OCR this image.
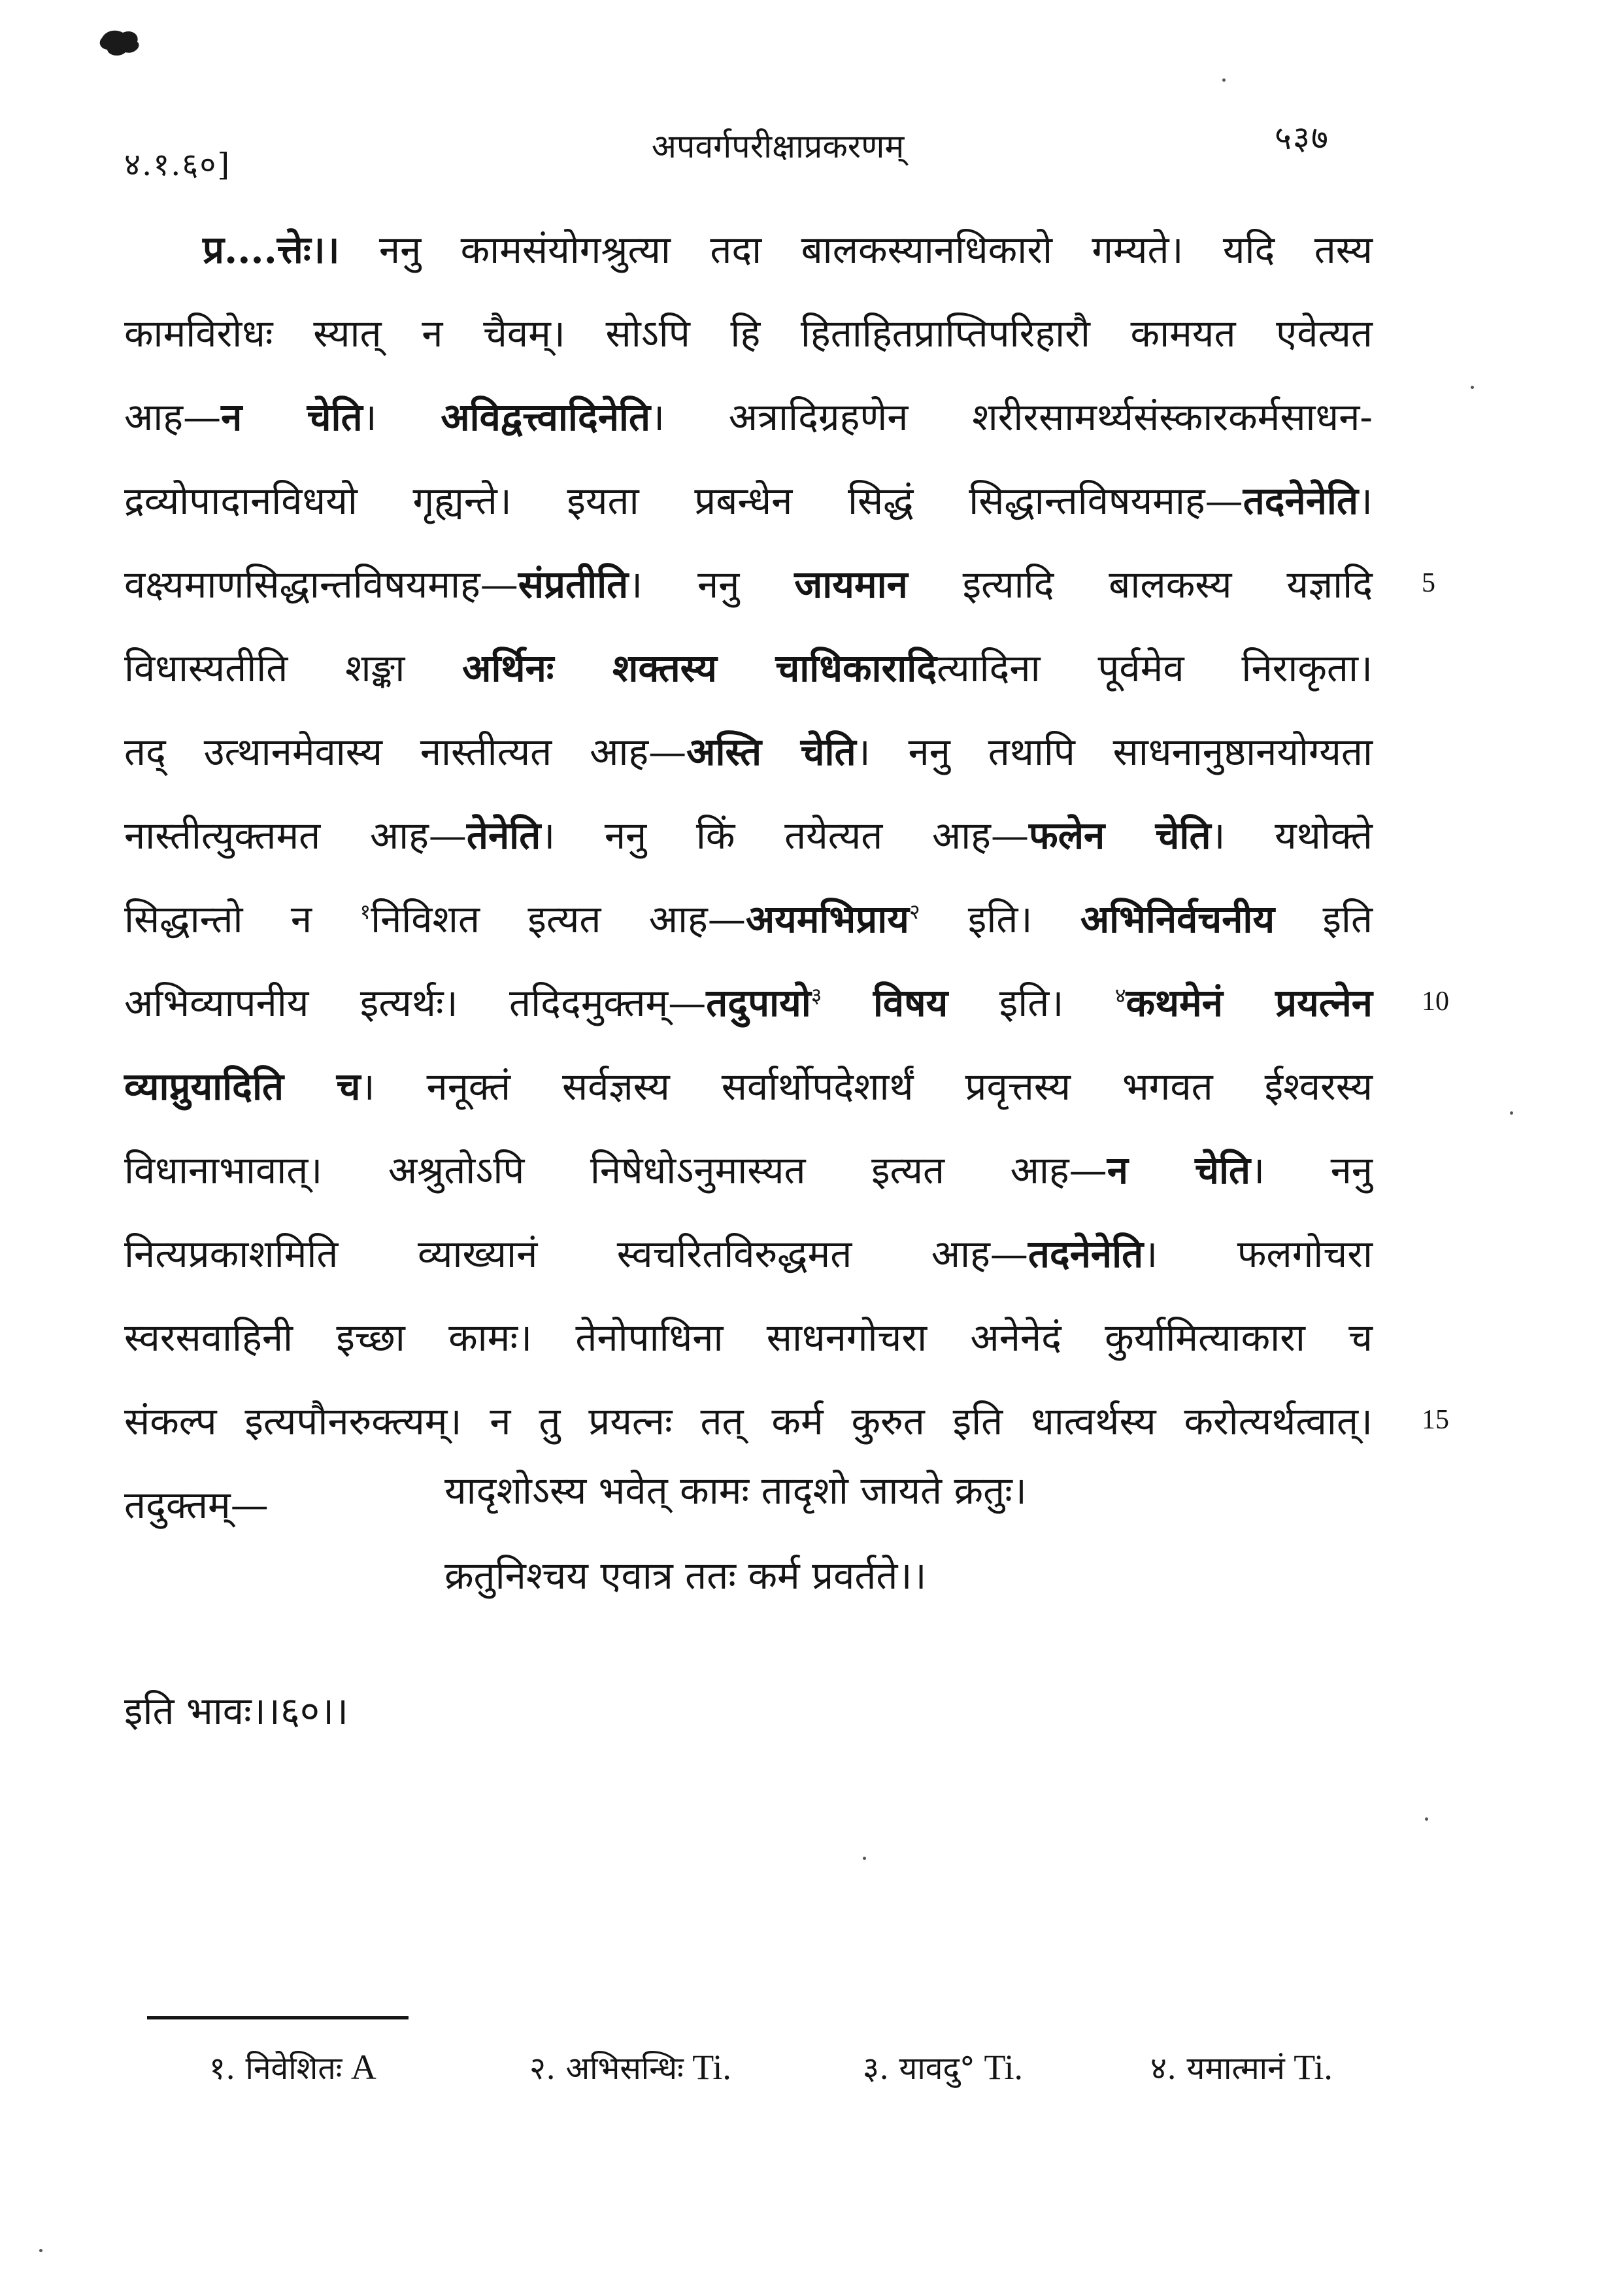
४.१.६०]	अपवर्गपरीक्षाप्रकरणम्	५३७
प्र....त्तेः।। ननु कामसंयोगश्रुत्या तदा बालकस्यानधिकारो गम्यते। यदि तस्य
कामविरोधः स्यात् न चैवम्। सोऽपि हि हिताहितप्राप्तिपरिहारौ कामयत एवेत्यत
आह—न चेति। अविद्वत्त्वादिनेति। अत्रादिग्रहणेन शरीरसामर्थ्यसंस्कारकर्मसाधन-
द्रव्योपादानविधयो गृह्यन्ते। इयता प्रबन्धेन सिद्धं सिद्धान्तविषयमाह—तदनेनेति।
वक्ष्यमाणसिद्धान्तविषयमाह—संप्रतीति। ननु जायमान इत्यादि बालकस्य यज्ञादि
विधास्यतीति शङ्का अर्थिनः शक्तस्य चाधिकारादित्यादिना पूर्वमेव निराकृता।
तद् उत्थानमेवास्य नास्तीत्यत आह—अस्ति चेति। ननु तथापि साधनानुष्ठानयोग्यता
नास्तीत्युक्तमत आह—तेनेति। ननु किं तयेत्यत आह—फलेन चेति। यथोक्ते
सिद्धान्तो न $^१$निविशत इत्यत आह—अयमभिप्राय$^२$ इति। अभिनिर्वचनीय इति
अभिव्यापनीय इत्यर्थः। तदिदमुक्तम्—तदुपायो$^३$ विषय इति। $^४$कथमेनं प्रयत्नेन
व्याप्नुयादिति च। ननूक्तं सर्वज्ञस्य सर्वार्थोपदेशार्थं प्रवृत्तस्य भगवत ईश्वरस्य
विधानाभावात्। अश्रुतोऽपि निषेधोऽनुमास्यत इत्यत आह—न चेति। ननु
नित्यप्रकाशमिति व्याख्यानं स्वचरितविरुद्धमत आह—तदनेनेति। फलगोचरा
स्वरसवाहिनी इच्छा कामः। तेनोपाधिना साधनगोचरा अनेनेदं कुर्यामित्याकारा च
संकल्प इत्यपौनरुक्त्यम्। न तु प्रयत्नः तत् कर्म कुरुत इति धात्वर्थस्य करोत्यर्थत्वात्।
तदुक्तम्—	यादृशोऽस्य भवेत् कामः तादृशो जायते क्रतुः।
क्रतुनिश्चय एवात्र ततः कर्म प्रवर्तते।।
इति भावः।।६०।।
१. निवेशितः A	२. अभिसन्धिः Ti.	३. यावदु° Ti.	४. यमात्मानं Ti.
5
10
15
